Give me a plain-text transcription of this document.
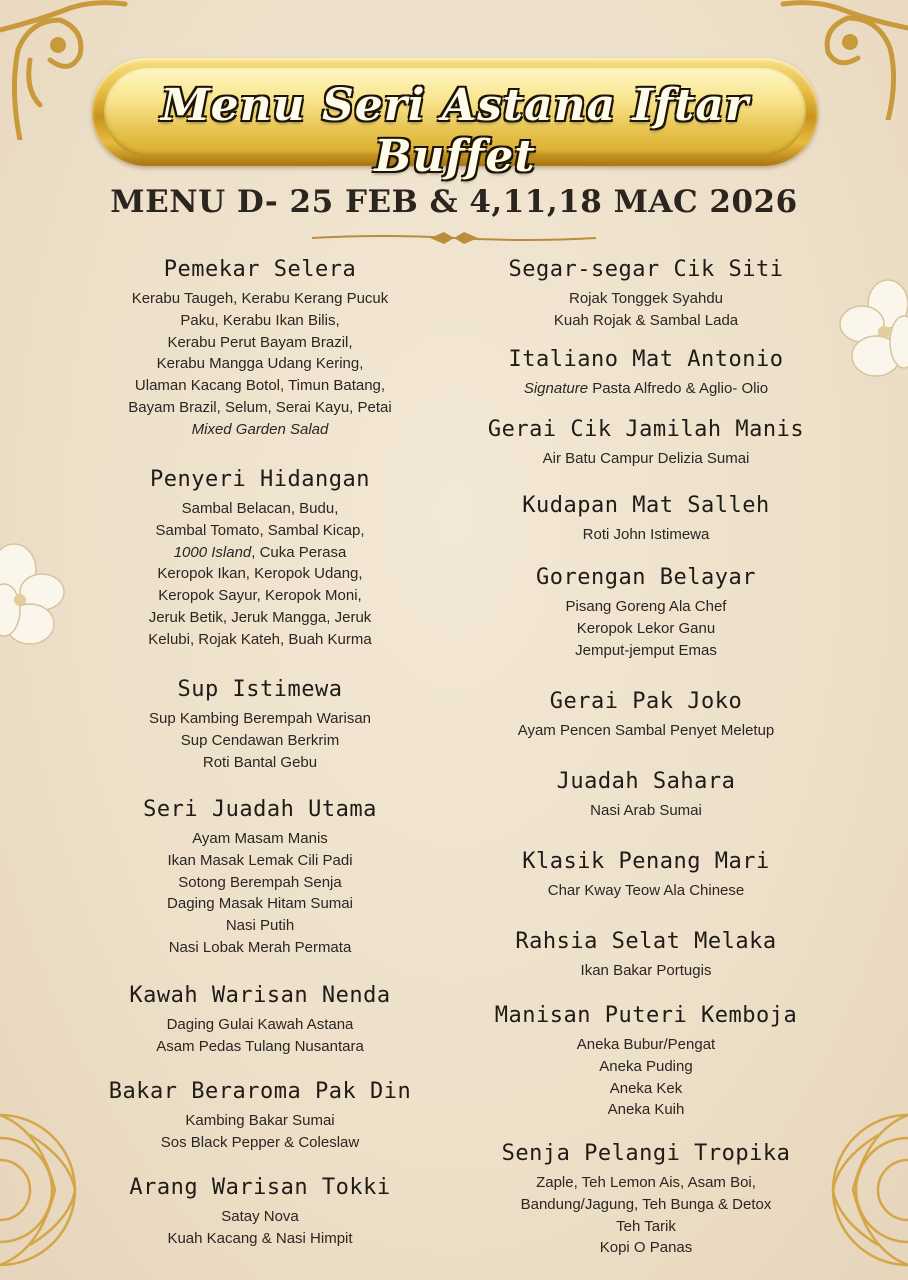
Menu Seri Astana Iftar Buffet
MENU D- 25 FEB & 4,11,18 MAC 2026
Pemekar Selera
Kerabu Taugeh, Kerabu Kerang Pucuk
Paku, Kerabu Ikan Bilis,
Kerabu Perut Bayam Brazil,
Kerabu Mangga Udang Kering,
Ulaman Kacang Botol, Timun Batang,
Bayam Brazil, Selum, Serai Kayu, Petai
Mixed Garden Salad
Penyeri Hidangan
Sambal Belacan, Budu,
Sambal Tomato, Sambal Kicap,
1000 Island, Cuka Perasa
Keropok Ikan, Keropok Udang,
Keropok Sayur, Keropok Moni,
Jeruk Betik, Jeruk Mangga, Jeruk
Kelubi, Rojak Kateh, Buah Kurma
Sup Istimewa
Sup Kambing Berempah Warisan
Sup Cendawan Berkrim
Roti Bantal Gebu
Seri Juadah Utama
Ayam Masam Manis
Ikan Masak Lemak Cili Padi
Sotong Berempah Senja
Daging Masak Hitam Sumai
Nasi Putih
Nasi Lobak Merah Permata
Kawah Warisan Nenda
Daging Gulai Kawah Astana
Asam Pedas Tulang Nusantara
Bakar Beraroma Pak Din
Kambing Bakar Sumai
Sos Black Pepper & Coleslaw
Arang Warisan Tokki
Satay Nova
Kuah Kacang & Nasi Himpit
Segar-segar Cik Siti
Rojak Tonggek Syahdu
Kuah Rojak & Sambal Lada
Italiano Mat Antonio
Signature Pasta Alfredo & Aglio- Olio
Gerai Cik Jamilah Manis
Air Batu Campur Delizia Sumai
Kudapan Mat Salleh
Roti John Istimewa
Gorengan Belayar
Pisang Goreng Ala Chef
Keropok Lekor Ganu
Jemput-jemput Emas
Gerai Pak Joko
Ayam Pencen Sambal Penyet Meletup
Juadah Sahara
Nasi Arab Sumai
Klasik Penang Mari
Char Kway Teow Ala Chinese
Rahsia Selat Melaka
Ikan Bakar Portugis
Manisan Puteri Kemboja
Aneka Bubur/Pengat
Aneka Puding
Aneka Kek
Aneka Kuih
Senja Pelangi Tropika
Zaple, Teh Lemon Ais, Asam Boi,
Bandung/Jagung, Teh Bunga & Detox
Teh Tarik
Kopi O Panas
